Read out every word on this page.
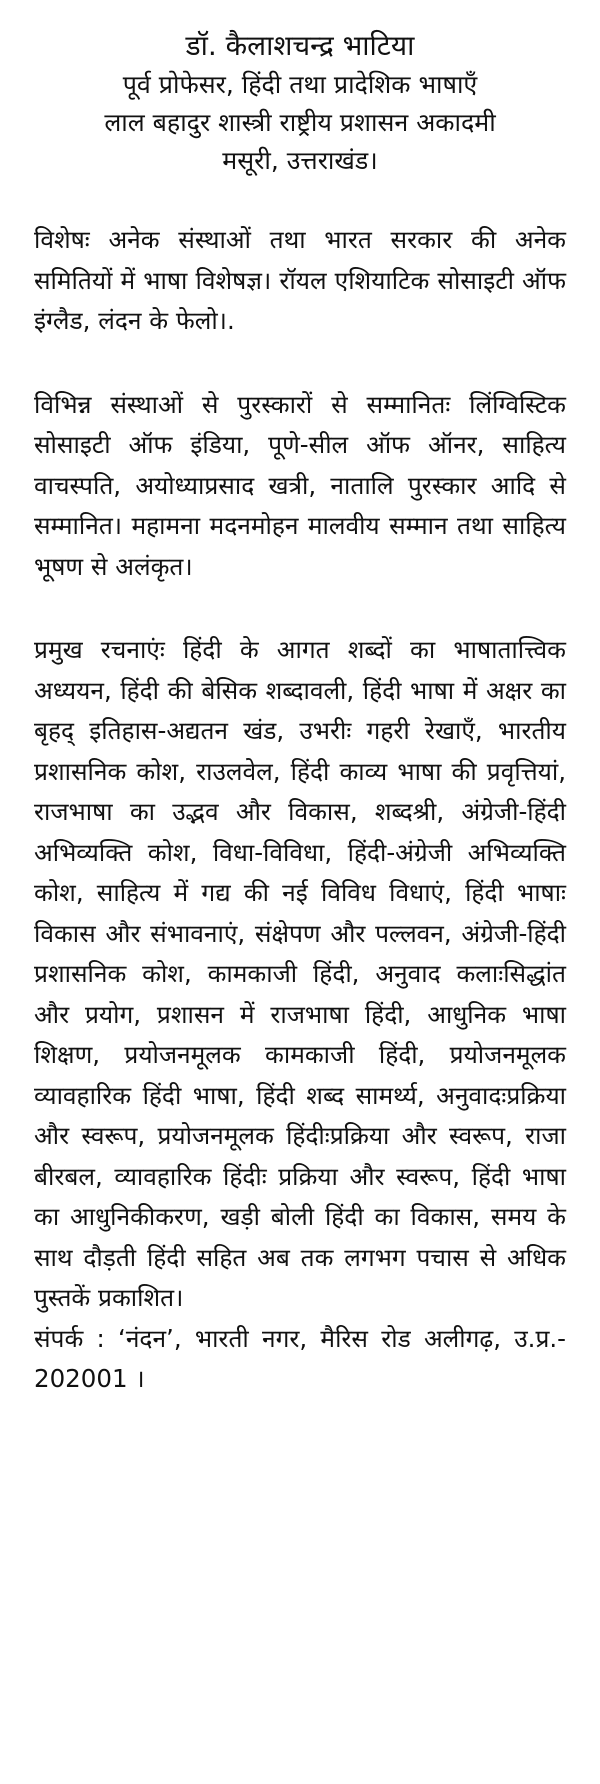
डॉ. कैलाशचन्द्र भाटिया
पूर्व प्रोफेसर, हिंदी तथा प्रादेशिक भाषाएँ
लाल बहादुर शास्त्री राष्ट्रीय प्रशासन अकादमी
मसूरी, उत्तराखंड।

विशेषः अनेक संस्थाओं तथा भारत सरकार की अनेक समितियों में भाषा विशेषज्ञ। रॉयल एशियाटिक सोसाइटी ऑफ इंग्लैड, लंदन के फेलो।.

विभिन्न संस्थाओं से पुरस्कारों से सम्मानितः लिंग्विस्टिक सोसाइटी ऑफ इंडिया, पूणे-सील ऑफ ऑनर, साहित्य वाचस्पति, अयोध्याप्रसाद खत्री, नातालि पुरस्कार आदि से सम्मानित। महामना मदनमोहन मालवीय सम्मान तथा साहित्य भूषण से अलंकृत।

प्रमुख रचनाएंः हिंदी के आगत शब्दों का भाषातात्त्विक अध्ययन, हिंदी की बेसिक शब्दावली, हिंदी भाषा में अक्षर का बृहद् इतिहास-अद्यतन खंड, उभरीः गहरी रेखाएँ, भारतीय प्रशासनिक कोश, राउलवेल, हिंदी काव्य भाषा की प्रवृत्तियां, राजभाषा का उद्भव और विकास, शब्दश्री, अंग्रेजी-हिंदी अभिव्यक्ति कोश, विधा-विविधा, हिंदी-अंग्रेजी अभिव्यक्ति कोश, साहित्य में गद्य की नई विविध विधाएं, हिंदी भाषाः विकास और संभावनाएं, संक्षेपण और पल्लवन, अंग्रेजी-हिंदी प्रशासनिक कोश, कामकाजी हिंदी, अनुवाद कलाःसिद्धांत और प्रयोग, प्रशासन में राजभाषा हिंदी, आधुनिक भाषा शिक्षण, प्रयोजनमूलक कामकाजी हिंदी, प्रयोजनमूलक व्यावहारिक हिंदी भाषा, हिंदी शब्द सामर्थ्य, अनुवादःप्रक्रिया और स्वरूप, प्रयोजनमूलक हिंदीःप्रक्रिया और स्वरूप, राजा बीरबल, व्यावहारिक हिंदीः प्रक्रिया और स्वरूप, हिंदी भाषा का आधुनिकीकरण, खड़ी बोली हिंदी का विकास, समय के साथ दौड़ती हिंदी सहित अब तक लगभग पचास से अधिक पुस्तकें प्रकाशित।

संपर्क : ‘नंदन’, भारती नगर, मैरिस रोड अलीगढ़, उ.प्र.- 202001 ।
